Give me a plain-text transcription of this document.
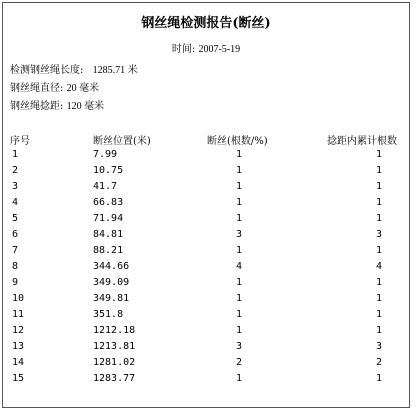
钢丝绳检测报告(断丝)
时间: 2007-5-19
检测钢丝绳长度: 1285.71 米
钢丝绳直径: 20 毫米
钢丝绳捻距: 120 毫米
序号	断丝位置(米)	断丝(根数/%)	捻距内累计根数
1	7.99	1	1
2	10.75	1	1
3	41.7	1	1
4	66.83	1	1
5	71.94	1	1
6	84.81	3	3
7	88.21	1	1
8	344.66	4	4
9	349.09	1	1
10	349.81	1	1
11	351.8	1	1
12	1212.18	1	1
13	1213.81	3	3
14	1281.02	2	2
15	1283.77	1	1
